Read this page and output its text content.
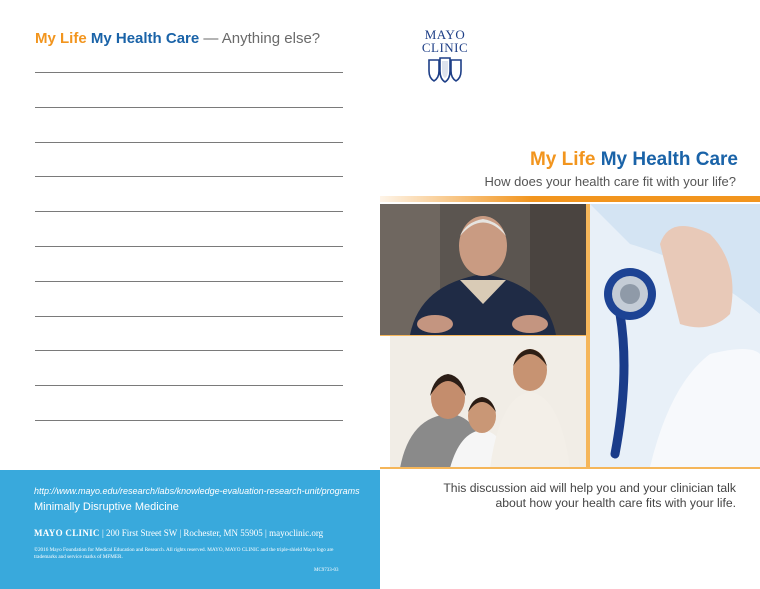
My Life My Health Care — Anything else?
http://www.mayo.edu/research/labs/knowledge-evaluation-research-unit/programs
Minimally Disruptive Medicine
MAYO CLINIC | 200 First Street SW | Rochester, MN 55905 | mayoclinic.org
©2016 Mayo Foundation for Medical Education and Research. All rights reserved. MAYO, MAYO CLINIC and the triple-shield Mayo logo are trademarks and service marks of MFMER.
MC9733-03
MAYO
CLINIC
My Life My Health Care
How does your health care fit with your life?
This discussion aid will help you and your clinician talk about how your health care fits with your life.
